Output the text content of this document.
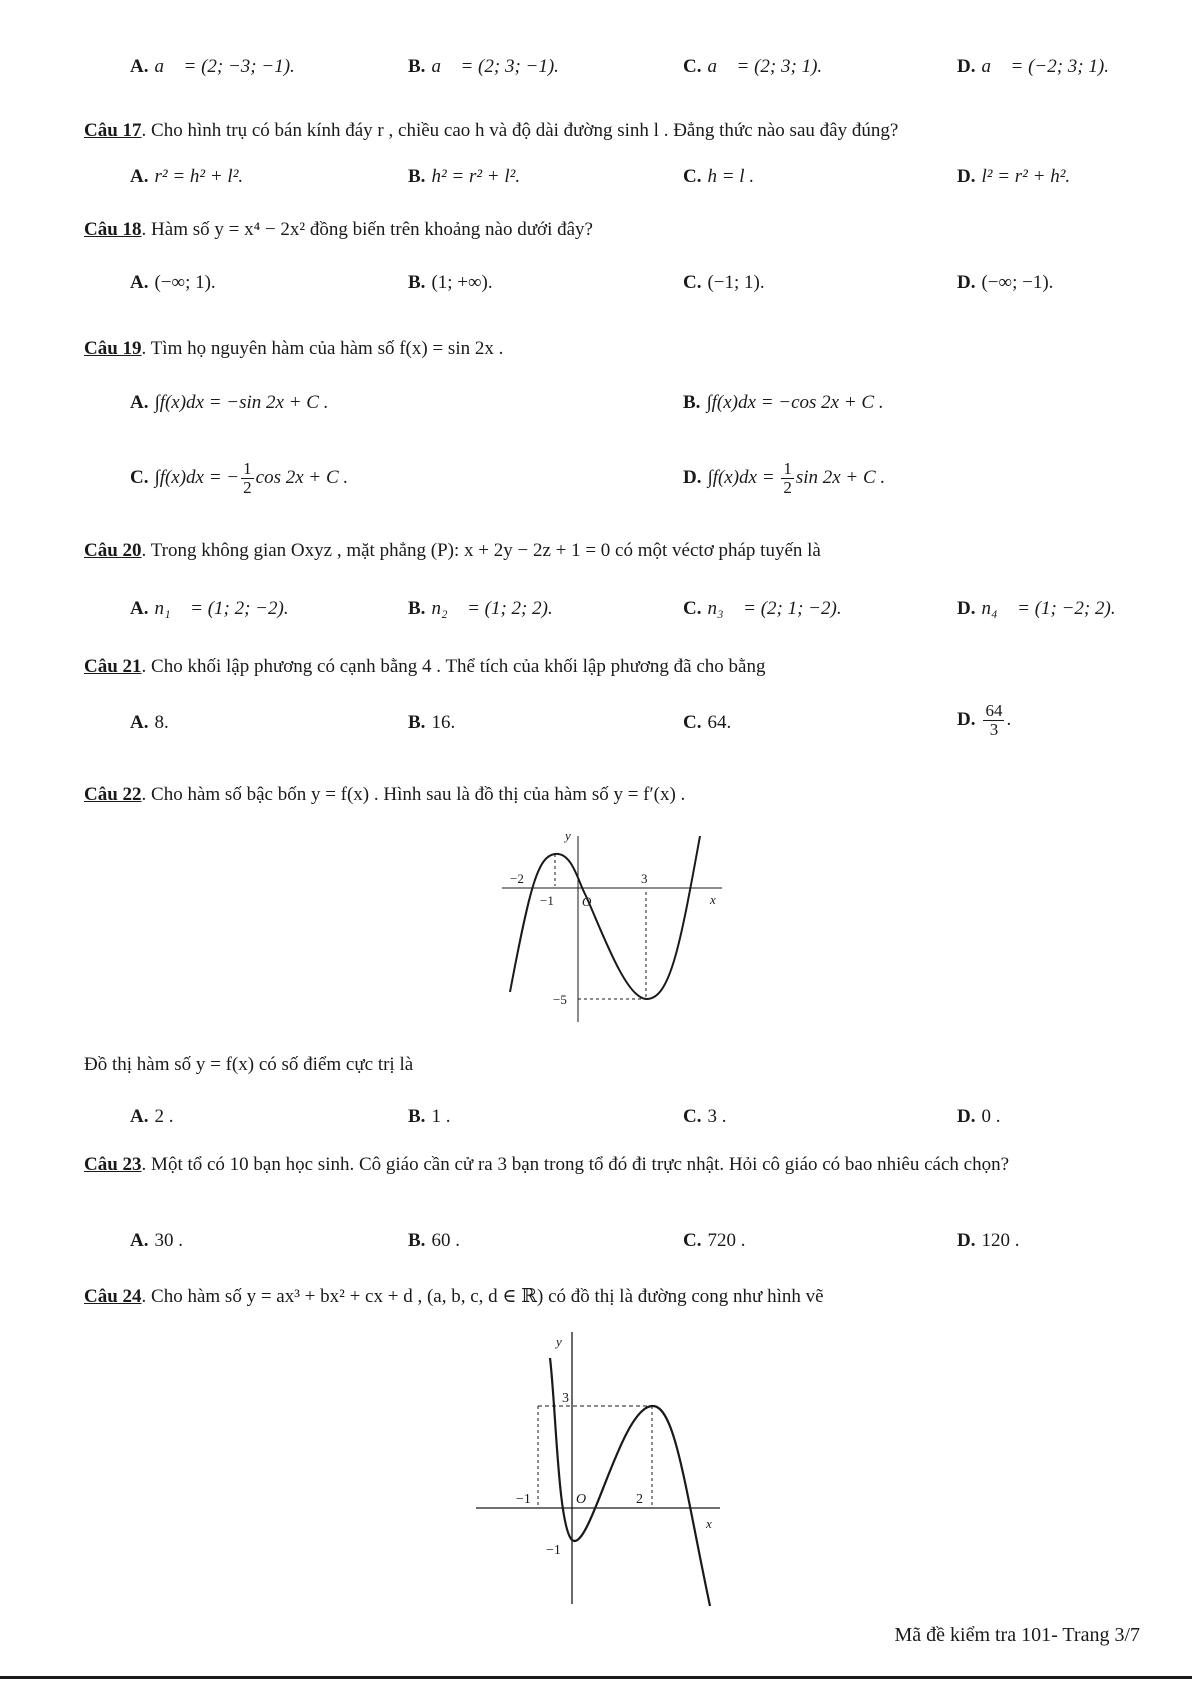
A. a⃗ = (2; −3; −1).	B. a⃗ = (2; 3; −1).	C. a⃗ = (2; 3; 1).	D. a⃗ = (−2; 3; 1).
Câu 17. Cho hình trụ có bán kính đáy r , chiều cao h và độ dài đường sinh l . Đẳng thức nào sau đây đúng?
A. r² = h² + l².	B. h² = r² + l².	C. h = l .	D. l² = r² + h².
Câu 18. Hàm số y = x⁴ − 2x² đồng biến trên khoảng nào dưới đây?
A. (−∞; 1).	B. (1; +∞).	C. (−1; 1).	D. (−∞; −1).
Câu 19. Tìm họ nguyên hàm của hàm số f(x) = sin 2x .
A. ∫f(x)dx = −sin 2x + C .	B. ∫f(x)dx = −cos 2x + C .
C. ∫f(x)dx = − $\frac{1}{2}$ cos 2x + C .	D. $\int f(x)dx = \frac{1}{2}$ sin 2x + C .
Câu 20. Trong không gian Oxyz , mặt phẳng (P): x + 2y − 2z + 1 = 0 có một véctơ pháp tuyến là
A. n₁⃗ = (1; 2; −2).	B. n₂⃗ = (1; 2; 2).	C. n₃⃗ = (2; 1; −2).	D. n₄⃗ = (1; −2; 2).
Câu 21. Cho khối lập phương có cạnh bằng 4 . Thể tích của khối lập phương đã cho bằng
A. 8.	B. 16.	C. 64.	D. $\frac{64}{3}$ .
Câu 22. Cho hàm số bậc bốn y = f(x) . Hình sau là đồ thị của hàm số y = f′(x) .
y
x
O
−2
−1
3
−5
Đồ thị hàm số y = f(x) có số điểm cực trị là
A. 2 .	B. 1 .	C. 3 .	D. 0 .
Câu 23. Một tổ có 10 bạn học sinh. Cô giáo cần cử ra 3 bạn trong tổ đó đi trực nhật. Hỏi cô giáo có bao nhiêu cách chọn?
A. 30 .	B. 60 .	C. 720 .	D. 120 .
Câu 24. Cho hàm số y = ax³ + bx² + cx + d , (a, b, c, d ∈ ℝ) có đồ thị là đường cong như hình vẽ
y
x
O
3
−1	2
−1
Mã đề kiểm tra 101- Trang 3/7
